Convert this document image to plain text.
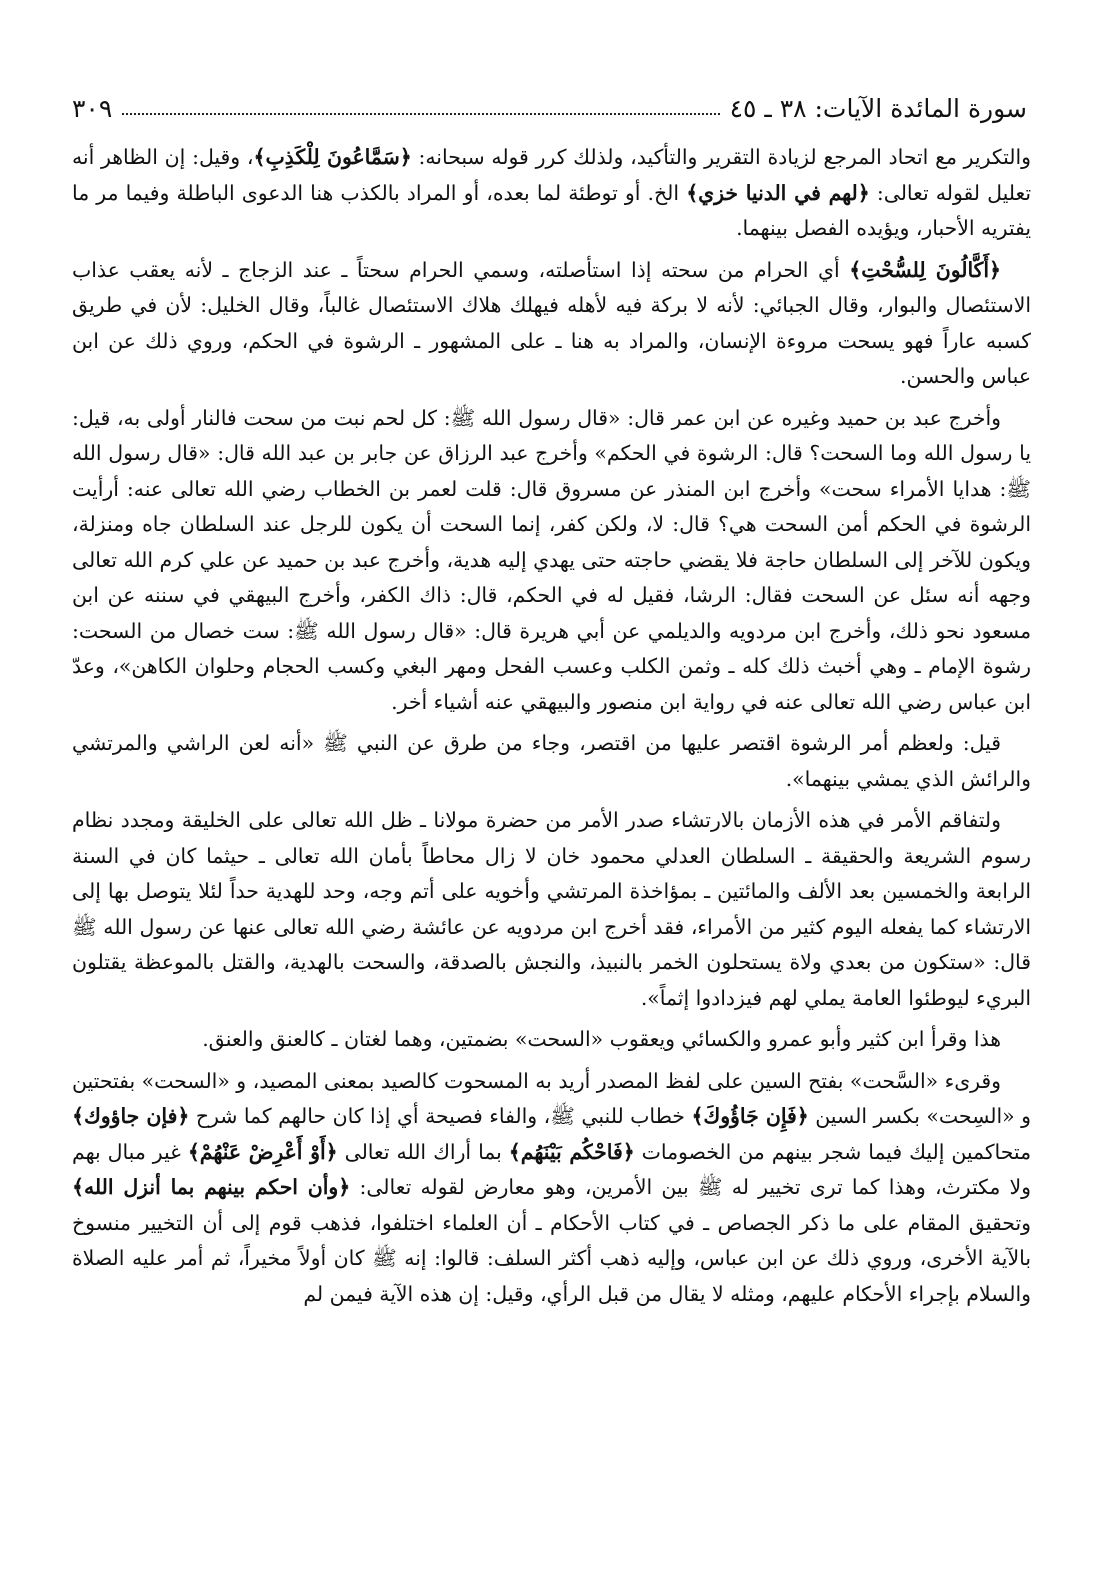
سورة المائدة الآيات: ٣٨ ـ ٤٥
٣٠٩

والتكرير مع اتحاد المرجع لزيادة التقرير والتأكيد، ولذلك كرر قوله سبحانه: ﴿سَمَّاعُونَ لِلْكَذِبِ﴾، وقيل: إن الظاهر أنه تعليل لقوله تعالى: ﴿لهم في الدنيا خزي﴾ الخ. أو توطئة لما بعده، أو المراد بالكذب هنا الدعوى الباطلة وفيما مر ما يفتريه الأحبار، ويؤيده الفصل بينهما.

﴿أَكَّالُونَ لِلسُّحْتِ﴾ أي الحرام من سحته إذا استأصلته، وسمي الحرام سحتاً ـ عند الزجاج ـ لأنه يعقب عذاب الاستئصال والبوار، وقال الجبائي: لأنه لا بركة فيه لأهله فيهلك هلاك الاستئصال غالباً، وقال الخليل: لأن في طريق كسبه عاراً فهو يسحت مروءة الإنسان، والمراد به هنا ـ على المشهور ـ الرشوة في الحكم، وروي ذلك عن ابن عباس والحسن.

وأخرج عبد بن حميد وغيره عن ابن عمر قال: «قال رسول الله ﷺ: كل لحم نبت من سحت فالنار أولى به، قيل: يا رسول الله وما السحت؟ قال: الرشوة في الحكم» وأخرج عبد الرزاق عن جابر بن عبد الله قال: «قال رسول الله ﷺ: هدايا الأمراء سحت» وأخرج ابن المنذر عن مسروق قال: قلت لعمر بن الخطاب رضي الله تعالى عنه: أرأيت الرشوة في الحكم أمن السحت هي؟ قال: لا، ولكن كفر، إنما السحت أن يكون للرجل عند السلطان جاه ومنزلة، ويكون للآخر إلى السلطان حاجة فلا يقضي حاجته حتى يهدي إليه هدية، وأخرج عبد بن حميد عن علي كرم الله تعالى وجهه أنه سئل عن السحت فقال: الرشا، فقيل له في الحكم، قال: ذاك الكفر، وأخرج البيهقي في سننه عن ابن مسعود نحو ذلك، وأخرج ابن مردويه والديلمي عن أبي هريرة قال: «قال رسول الله ﷺ: ست خصال من السحت: رشوة الإمام ـ وهي أخبث ذلك كله ـ وثمن الكلب وعسب الفحل ومهر البغي وكسب الحجام وحلوان الكاهن»، وعدّ ابن عباس رضي الله تعالى عنه في رواية ابن منصور والبيهقي عنه أشياء أخر.

قيل: ولعظم أمر الرشوة اقتصر عليها من اقتصر، وجاء من طرق عن النبي ﷺ «أنه لعن الراشي والمرتشي والرائش الذي يمشي بينهما».

ولتفاقم الأمر في هذه الأزمان بالارتشاء صدر الأمر من حضرة مولانا ـ ظل الله تعالى على الخليقة ومجدد نظام رسوم الشريعة والحقيقة ـ السلطان العدلي محمود خان لا زال محاطاً بأمان الله تعالى ـ حيثما كان في السنة الرابعة والخمسين بعد الألف والمائتين ـ بمؤاخذة المرتشي وأخويه على أتم وجه، وحد للهدية حداً لئلا يتوصل بها إلى الارتشاء كما يفعله اليوم كثير من الأمراء، فقد أخرج ابن مردويه عن عائشة رضي الله تعالى عنها عن رسول الله ﷺ قال: «ستكون من بعدي ولاة يستحلون الخمر بالنبيذ، والنجش بالصدقة، والسحت بالهدية، والقتل بالموعظة يقتلون البريء ليوطئوا العامة يملي لهم فيزدادوا إثماً».

هذا وقرأ ابن كثير وأبو عمرو والكسائي ويعقوب «السحت» بضمتين، وهما لغتان ـ كالعنق والعنق.

وقرىء «السَّحت» بفتح السين على لفظ المصدر أريد به المسحوت كالصيد بمعنى المصيد، و «السحت» بفتحتين و «السِحت» بكسر السين ﴿فَإِن جَاؤُوكَ﴾ خطاب للنبي ﷺ، والفاء فصيحة أي إذا كان حالهم كما شرح ﴿فإن جاؤوك﴾ متحاكمين إليك فيما شجر بينهم من الخصومات ﴿فَاحْكُم بَيْنَهُم﴾ بما أراك الله تعالى ﴿أَوْ أَعْرِضْ عَنْهُمْ﴾ غير مبال بهم ولا مكترث، وهذا كما ترى تخيير له ﷺ بين الأمرين، وهو معارض لقوله تعالى: ﴿وأن احكم بينهم بما أنزل الله﴾ وتحقيق المقام على ما ذكر الجصاص ـ في كتاب الأحكام ـ أن العلماء اختلفوا، فذهب قوم إلى أن التخيير منسوخ بالآية الأخرى، وروي ذلك عن ابن عباس، وإليه ذهب أكثر السلف: قالوا: إنه ﷺ كان أولاً مخيراً، ثم أمر عليه الصلاة والسلام بإجراء الأحكام عليهم، ومثله لا يقال من قبل الرأي، وقيل: إن هذه الآية فيمن لم
